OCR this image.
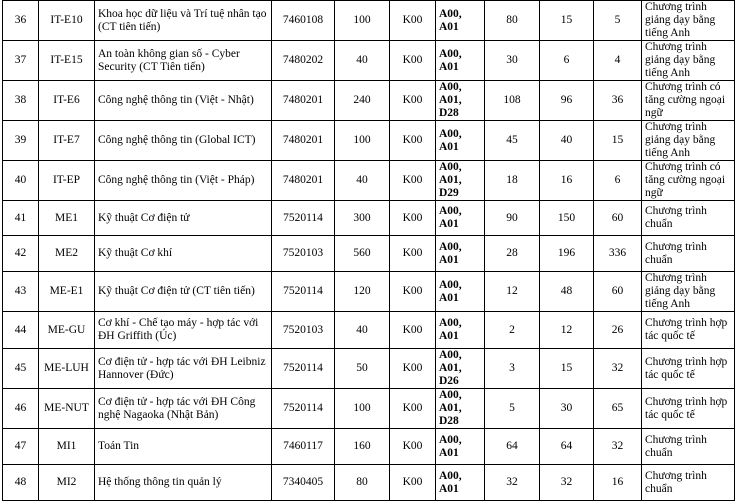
36	IT-E10	Khoa học dữ liệu và Trí tuệ nhân tạo (CT tiên tiến)	7460108	100	K00	A00, A01	80	15	5	Chương trình giảng dạy bằng tiếng Anh
37	IT-E15	An toàn không gian số - Cyber Security (CT Tiên tiến)	7480202	40	K00	A00, A01	30	6	4	Chương trình giảng dạy bằng tiếng Anh
38	IT-E6	Công nghệ thông tin (Việt - Nhật)	7480201	240	K00	A00, A01, D28	108	96	36	Chương trình có tăng cường ngoại ngữ
39	IT-E7	Công nghệ thông tin (Global ICT)	7480201	100	K00	A00, A01	45	40	15	Chương trình giảng dạy bằng tiếng Anh
40	IT-EP	Công nghệ thông tin (Việt - Pháp)	7480201	40	K00	A00, A01, D29	18	16	6	Chương trình có tăng cường ngoại ngữ
41	ME1	Kỹ thuật Cơ điện tử	7520114	300	K00	A00, A01	90	150	60	Chương trình chuẩn
42	ME2	Kỹ thuật Cơ khí	7520103	560	K00	A00, A01	28	196	336	Chương trình chuẩn
43	ME-E1	Kỹ thuật Cơ điện tử (CT tiên tiến)	7520114	120	K00	A00, A01	12	48	60	Chương trình giảng dạy bằng tiếng Anh
44	ME-GU	Cơ khí - Chế tạo máy - hợp tác với ĐH Griffith (Úc)	7520103	40	K00	A00, A01	2	12	26	Chương trình hợp tác quốc tế
45	ME-LUH	Cơ điện tử - hợp tác với ĐH Leibniz Hannover (Đức)	7520114	50	K00	A00, A01, D26	3	15	32	Chương trình hợp tác quốc tế
46	ME-NUT	Cơ điện tử - hợp tác với ĐH Công nghệ Nagaoka (Nhật Bản)	7520114	100	K00	A00, A01, D28	5	30	65	Chương trình hợp tác quốc tế
47	MI1	Toán Tin	7460117	160	K00	A00, A01	64	64	32	Chương trình chuẩn
48	MI2	Hệ thống thông tin quản lý	7340405	80	K00	A00, A01	32	32	16	Chương trình chuẩn
